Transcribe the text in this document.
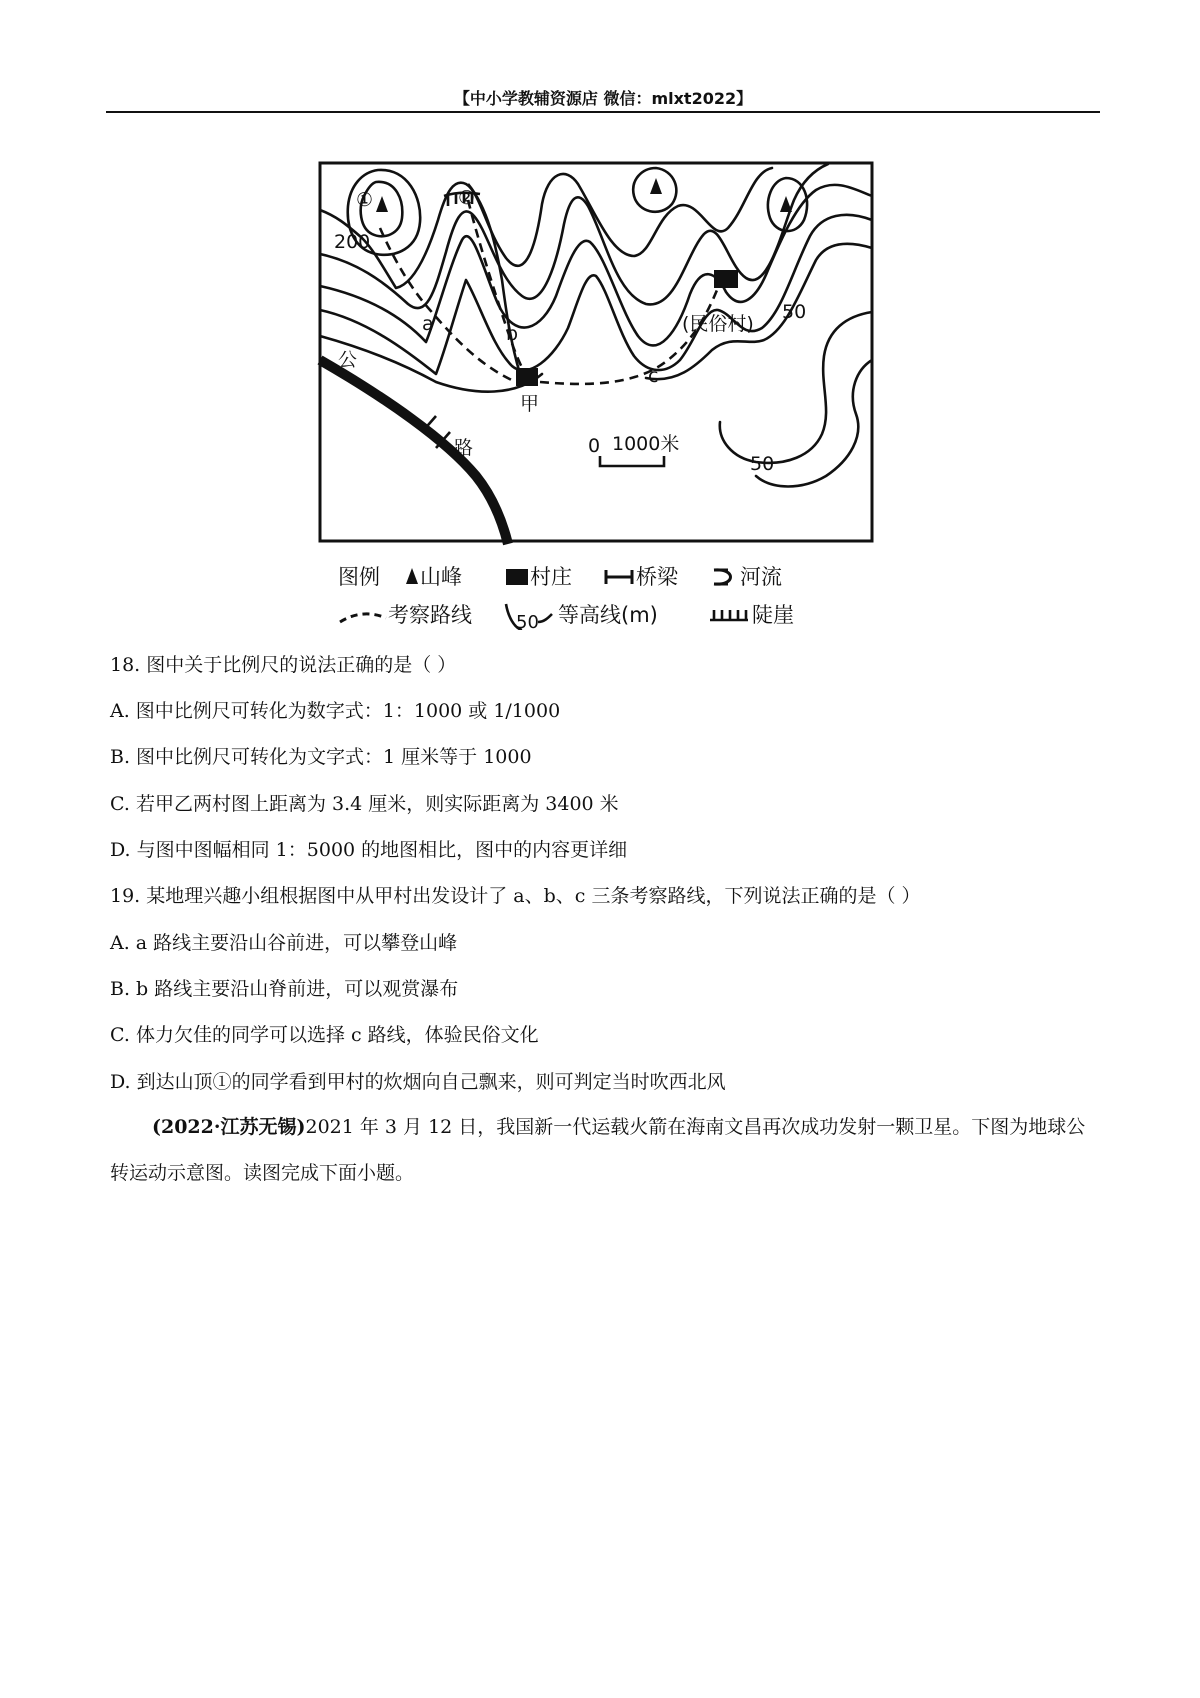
【中小学教辅资源店 微信：mlxt2022】
①	②
200
a	b
c
甲
(民俗村)
50
50
公
路	0 1000米
图例 山峰	村庄	桥梁	河流
考察路线 50 等高线(m)	陡崖
18. 图中关于比例尺的说法正确的是（ ）
A. 图中比例尺可转化为数字式：1：1000 或 1/1000
B. 图中比例尺可转化为文字式：1 厘米等于 1000
C. 若甲乙两村图上距离为 3.4 厘米，则实际距离为 3400 米
D. 与图中图幅相同 1：5000 的地图相比，图中的内容更详细
19. 某地理兴趣小组根据图中从甲村出发设计了 a、b、c 三条考察路线，下列说法正确的是（ ）
A. a 路线主要沿山谷前进，可以攀登山峰
B. b 路线主要沿山脊前进，可以观赏瀑布
C. 体力欠佳的同学可以选择 c 路线，体验民俗文化
D. 到达山顶①的同学看到甲村的炊烟向自己飘来，则可判定当时吹西北风

(2022·江苏无锡)2021 年 3 月 12 日，我国新一代运载火箭在海南文昌再次成功发射一颗卫星。下图为地球公转运动示意图。读图完成下面小题。
